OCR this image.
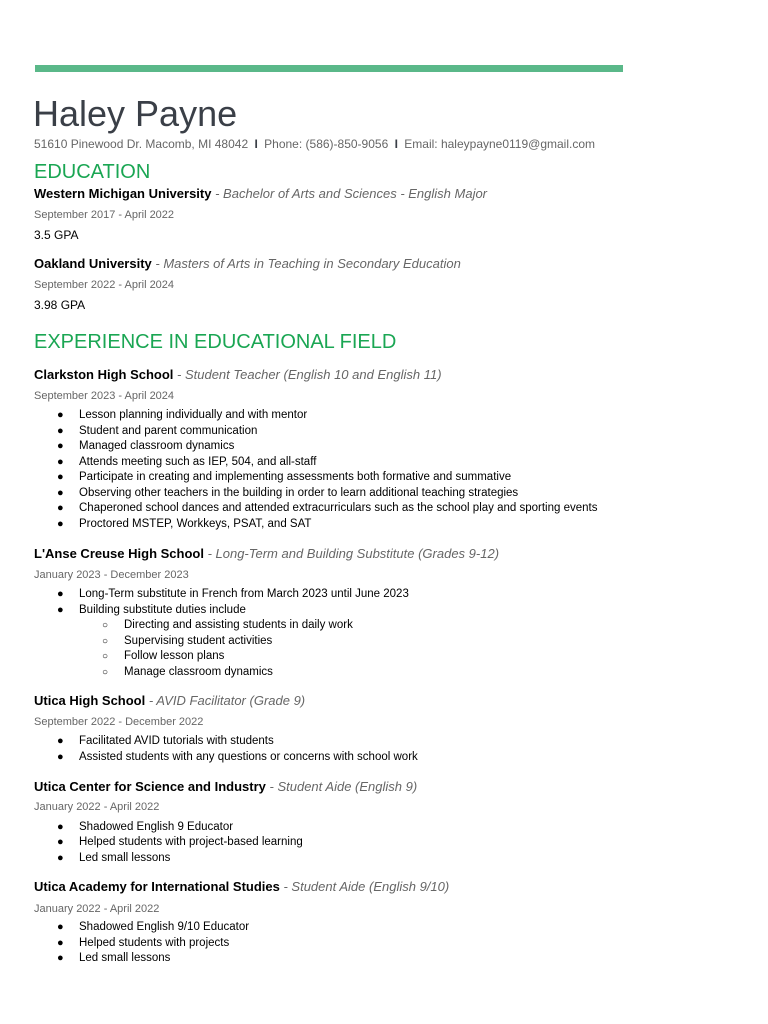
Haley Payne
51610 Pinewood Dr. Macomb, MI 48042 I Phone: (586)-850-9056 I Email: haleypayne0119@gmail.com
EDUCATION
Western Michigan University - Bachelor of Arts and Sciences - English Major
September 2017 - April 2022
3.5 GPA
Oakland University - Masters of Arts in Teaching in Secondary Education
September 2022 - April 2024
3.98 GPA
EXPERIENCE IN EDUCATIONAL FIELD
Clarkston High School - Student Teacher (English 10 and English 11)
September 2023 - April 2024
● Lesson planning individually and with mentor
● Student and parent communication
● Managed classroom dynamics
● Attends meeting such as IEP, 504, and all-staff
● Participate in creating and implementing assessments both formative and summative
● Observing other teachers in the building in order to learn additional teaching strategies
● Chaperoned school dances and attended extracurriculars such as the school play and sporting events
● Proctored MSTEP, Workkeys, PSAT, and SAT
L'Anse Creuse High School - Long-Term and Building Substitute (Grades 9-12)
January 2023 - December 2023
● Long-Term substitute in French from March 2023 until June 2023
● Building substitute duties include
○ Directing and assisting students in daily work
○ Supervising student activities
○ Follow lesson plans
○ Manage classroom dynamics
Utica High School - AVID Facilitator (Grade 9)
September 2022 - December 2022
● Facilitated AVID tutorials with students
● Assisted students with any questions or concerns with school work
Utica Center for Science and Industry - Student Aide (English 9)
January 2022 - April 2022
● Shadowed English 9 Educator
● Helped students with project-based learning
● Led small lessons
Utica Academy for International Studies - Student Aide (English 9/10)
January 2022 - April 2022
● Shadowed English 9/10 Educator
● Helped students with projects
● Led small lessons
